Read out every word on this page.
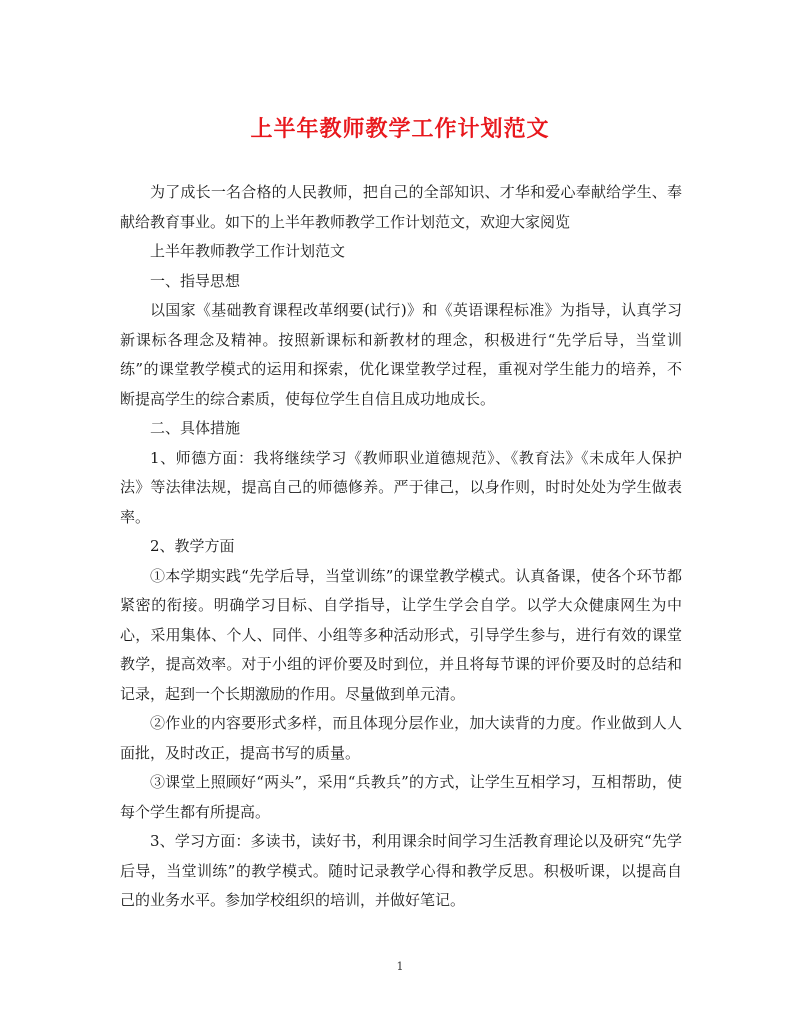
上半年教师教学工作计划范文

为了成长一名合格的人民教师，把自己的全部知识、才华和爱心奉献给学生、奉献给教育事业。如下的上半年教师教学工作计划范文，欢迎大家阅览

上半年教师教学工作计划范文

一、指导思想

以国家《基础教育课程改革纲要(试行)》和《英语课程标准》为指导，认真学习新课标各理念及精神。按照新课标和新教材的理念，积极进行“先学后导，当堂训练”的课堂教学模式的运用和探索，优化课堂教学过程，重视对学生能力的培养，不断提高学生的综合素质，使每位学生自信且成功地成长。

二、具体措施

1、师德方面：我将继续学习《教师职业道德规范》、《教育法》《未成年人保护法》等法律法规，提高自己的师德修养。严于律己，以身作则，时时处处为学生做表率。

2、教学方面

①本学期实践“先学后导，当堂训练”的课堂教学模式。认真备课，使各个环节都紧密的衔接。明确学习目标、自学指导，让学生学会自学。以学大众健康网生为中心，采用集体、个人、同伴、小组等多种活动形式，引导学生参与，进行有效的课堂教学，提高效率。对于小组的评价要及时到位，并且将每节课的评价要及时的总结和记录，起到一个长期激励的作用。尽量做到单元清。

②作业的内容要形式多样，而且体现分层作业，加大读背的力度。作业做到人人面批，及时改正，提高书写的质量。

③课堂上照顾好“两头”，采用“兵教兵”的方式，让学生互相学习，互相帮助，使每个学生都有所提高。

3、学习方面：多读书，读好书，利用课余时间学习生活教育理论以及研究“先学后导，当堂训练”的教学模式。随时记录教学心得和教学反思。积极听课，以提高自己的业务水平。参加学校组织的培训，并做好笔记。

1
